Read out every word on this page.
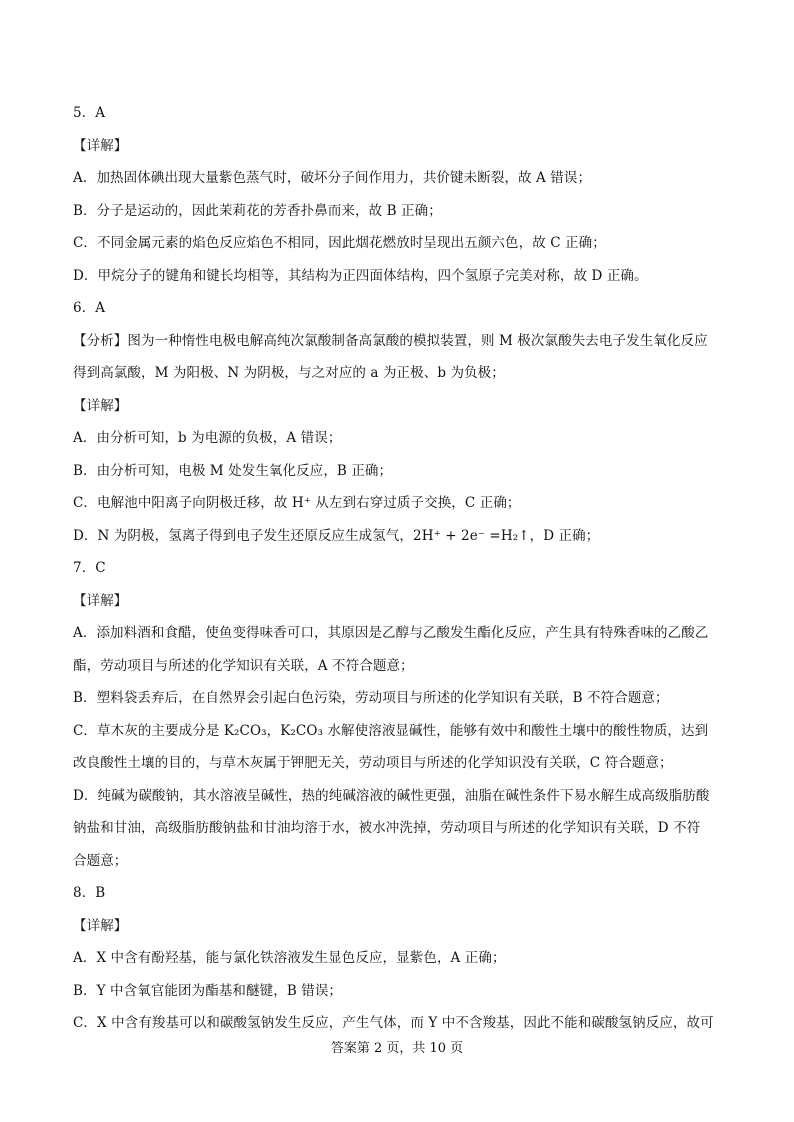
5．A
【详解】
A．加热固体碘出现大量紫色蒸气时，破坏分子间作用力，共价键未断裂，故 A 错误；
B．分子是运动的，因此茉莉花的芳香扑鼻而来，故 B 正确；
C．不同金属元素的焰色反应焰色不相同，因此烟花燃放时呈现出五颜六色，故 C 正确；
D．甲烷分子的键角和键长均相等，其结构为正四面体结构，四个氢原子完美对称，故 D 正确。
6．A
【分析】图为一种惰性电极电解高纯次氯酸制备高氯酸的模拟装置，则 M 极次氯酸失去电子发生氧化反应
得到高氯酸，M 为阳极、N 为阴极，与之对应的 a 为正极、b 为负极；
【详解】
A．由分析可知，b 为电源的负极，A 错误；
B．由分析可知，电极 M 处发生氧化反应，B 正确；
C．电解池中阳离子向阴极迁移，故 H⁺ 从左到右穿过质子交换，C 正确；
D．N 为阴极，氢离子得到电子发生还原反应生成氢气，2H⁺ + 2e⁻ =H₂↑，D 正确；
7．C
【详解】
A．添加料酒和食醋，使鱼变得味香可口，其原因是乙醇与乙酸发生酯化反应，产生具有特殊香味的乙酸乙
酯，劳动项目与所述的化学知识有关联，A 不符合题意；
B．塑料袋丢弃后，在自然界会引起白色污染，劳动项目与所述的化学知识有关联，B 不符合题意；
C．草木灰的主要成分是 K₂CO₃，K₂CO₃ 水解使溶液显碱性，能够有效中和酸性土壤中的酸性物质，达到
改良酸性土壤的目的，与草木灰属于钾肥无关，劳动项目与所述的化学知识没有关联，C 符合题意；
D．纯碱为碳酸钠，其水溶液呈碱性，热的纯碱溶液的碱性更强，油脂在碱性条件下易水解生成高级脂肪酸
钠盐和甘油，高级脂肪酸钠盐和甘油均溶于水，被水冲洗掉，劳动项目与所述的化学知识有关联，D 不符
合题意；
8．B
【详解】
A．X 中含有酚羟基，能与氯化铁溶液发生显色反应，显紫色，A 正确；
B．Y 中含氧官能团为酯基和醚键，B 错误；
C．X 中含有羧基可以和碳酸氢钠发生反应，产生气体，而 Y 中不含羧基，因此不能和碳酸氢钠反应，故可
答案第 2 页，共 10 页
